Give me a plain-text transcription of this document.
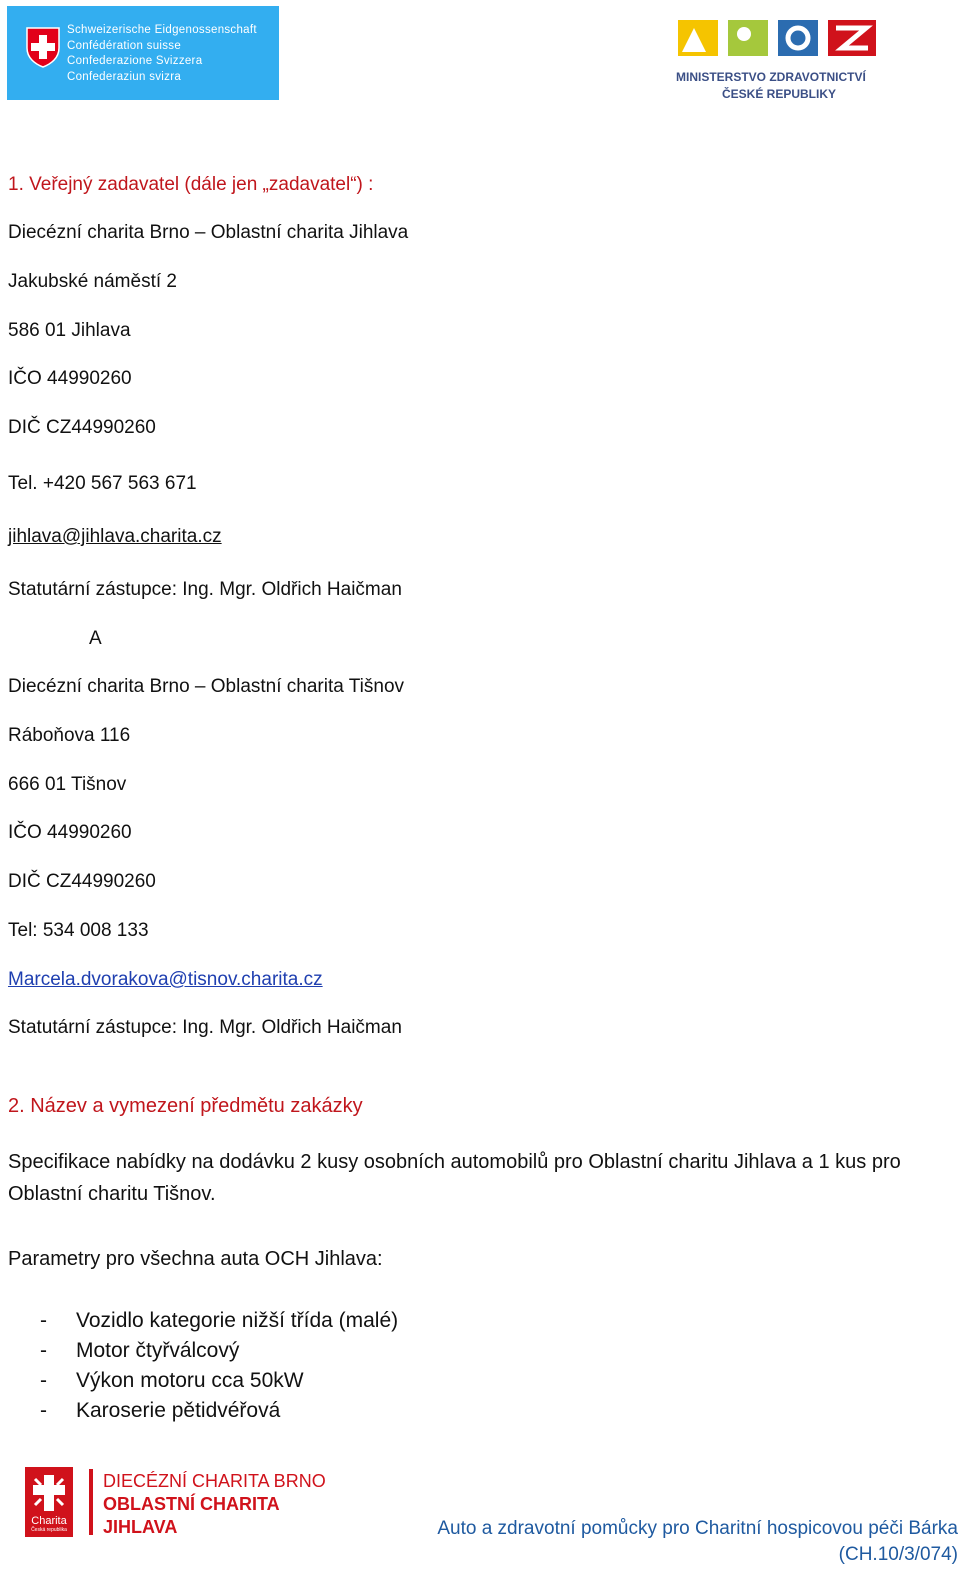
Schweizerische Eidgenossenschaft
Confédération suisse
Confederazione Svizzera
Confederaziun svizra	MINISTERSTVO ZDRAVOTNICTVÍ
ČESKÉ REPUBLIKY
1. Veřejný zadavatel (dále jen „zadavatel“) :
Diecézní charita Brno – Oblastní charita Jihlava
Jakubské náměstí 2
586 01 Jihlava
IČO 44990260
DIČ CZ44990260
Tel. +420 567 563 671
jihlava@jihlava.charita.cz
Statutární zástupce: Ing. Mgr. Oldřich Haičman
A
Diecézní charita Brno – Oblastní charita Tišnov
Ráboňova 116
666 01 Tišnov
IČO 44990260
DIČ CZ44990260
Tel: 534 008 133
Marcela.dvorakova@tisnov.charita.cz
Statutární zástupce: Ing. Mgr. Oldřich Haičman
2. Název a vymezení předmětu zakázky
Specifikace nabídky na dodávku 2 kusy osobních automobilů pro Oblastní charitu Jihlava a 1 kus pro
Oblastní charitu Tišnov.
Parametry pro všechna auta OCH Jihlava:
- Vozidlo kategorie nižší třída (malé)
- Motor čtyřválcový
- Výkon motoru cca 50kW
- Karoserie pětidvéřová
Charita
Česká republika
DIECÉZNÍ CHARITA BRNO
OBLASTNÍ CHARITA
JIHLAVA	Auto a zdravotní pomůcky pro Charitní hospicovou péči Bárka
(CH.10/3/074)
